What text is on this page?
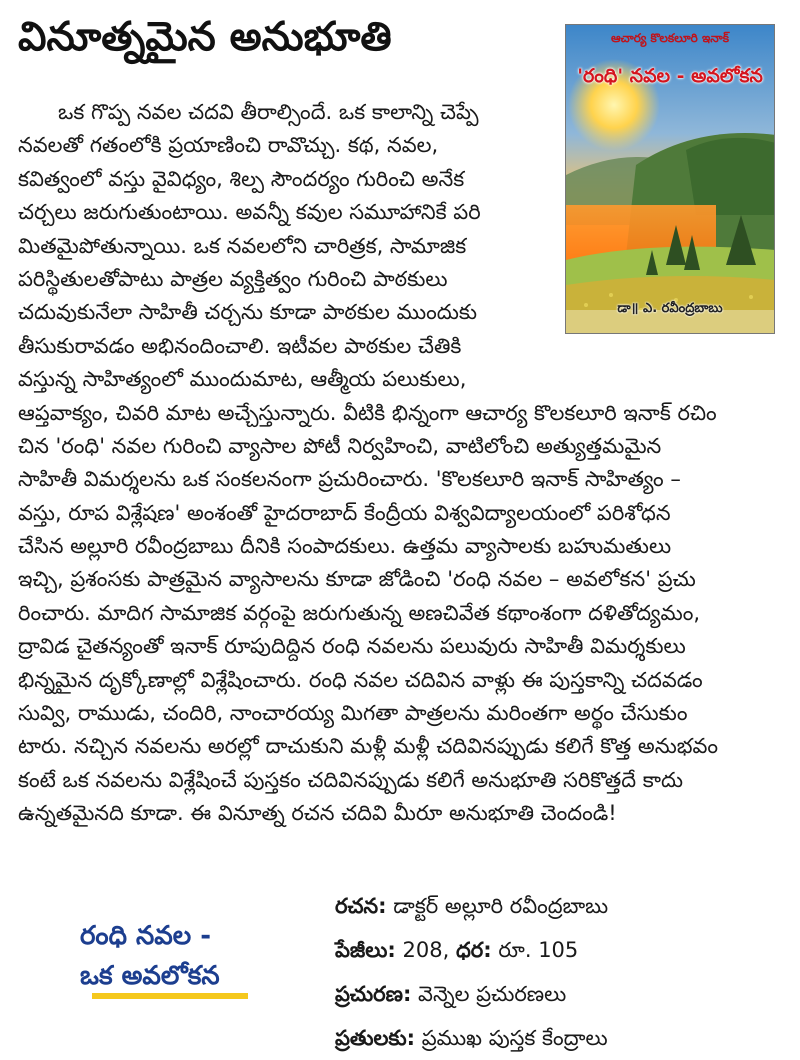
వినూత్నమైన అనుభూతి
ఒక గొప్ప నవల చదవి తీరాల్సిందే. ఒక కాలాన్ని చెప్పే
నవలతో గతంలోకి ప్రయాణించి రావొచ్చు. కథ, నవల,
కవిత్వంలో వస్తు వైవిధ్యం, శిల్ప సౌందర్యం గురించి అనేక
చర్చలు జరుగుతుంటాయి. అవన్నీ కవుల సమూహానికే పరి
మితమైపోతున్నాయి. ఒక నవలలోని చారిత్రక, సామాజిక
పరిస్థితులతోపాటు పాత్రల వ్యక్తిత్వం గురించి పాఠకులు
చదువుకునేలా సాహితీ చర్చను కూడా పాఠకుల ముందుకు
తీసుకురావడం అభినందించాలి. ఇటీవల పాఠకుల చేతికి
వస్తున్న సాహిత్యంలో ముందుమాట, ఆత్మీయ పలుకులు,
ఆప్తవాక్యం, చివరి మాట అచ్చేస్తున్నారు. వీటికి భిన్నంగా ఆచార్య కొలకలూరి ఇనాక్ రచిం
చిన 'రంధి' నవల గురించి వ్యాసాల పోటీ నిర్వహించి, వాటిలోంచి అత్యుత్తమమైన
సాహితీ విమర్శలను ఒక సంకలనంగా ప్రచురించారు. 'కొలకలూరి ఇనాక్ సాహిత్యం –
వస్తు, రూప విశ్లేషణ' అంశంతో హైదరాబాద్ కేంద్రీయ విశ్వవిద్యాలయంలో పరిశోధన
చేసిన అల్లూరి రవీంద్రబాబు దీనికి సంపాదకులు. ఉత్తమ వ్యాసాలకు బహుమతులు
ఇచ్చి, ప్రశంసకు పాత్రమైన వ్యాసాలను కూడా జోడించి 'రంధి నవల – అవలోకన' ప్రచు
రించారు. మాదిగ సామాజిక వర్గంపై జరుగుతున్న అణచివేత కథాంశంగా దళితోద్యమం,
ద్రావిడ చైతన్యంతో ఇనాక్ రూపుదిద్దిన రంధి నవలను పలువురు సాహితీ విమర్శకులు
భిన్నమైన దృక్కోణాల్లో విశ్లేషించారు. రంధి నవల చదివిన వాళ్లు ఈ పుస్తకాన్ని చదవడం
సువ్వి, రాముడు, చందిరి, నాంచారయ్య మిగతా పాత్రలను మరింతగా అర్థం చేసుకుం
టారు. నచ్చిన నవలను అరల్లో దాచుకుని మళ్లీ మళ్లీ చదివినప్పుడు కలిగే కొత్త అనుభవం
కంటే ఒక నవలను విశ్లేషించే పుస్తకం చదివినప్పుడు కలిగే అనుభూతి సరికొత్తదే కాదు
ఉన్నతమైనది కూడా. ఈ వినూత్న రచన చదివి మీరూ అనుభూతి చెందండి!
ఆచార్య కొలకలూరి ఇనాక్
'రంధి' నవల - అవలోకన
డా॥ ఎ. రవీంద్రబాబు
రంధి నవల -
ఒక అవలోకన
రచన: డాక్టర్ అల్లూరి రవీంద్రబాబు
పేజీలు: 208, ధర: రూ. 105
ప్రచురణ: వెన్నెల ప్రచురణలు
ప్రతులకు: ప్రముఖ పుస్తక కేంద్రాలు
